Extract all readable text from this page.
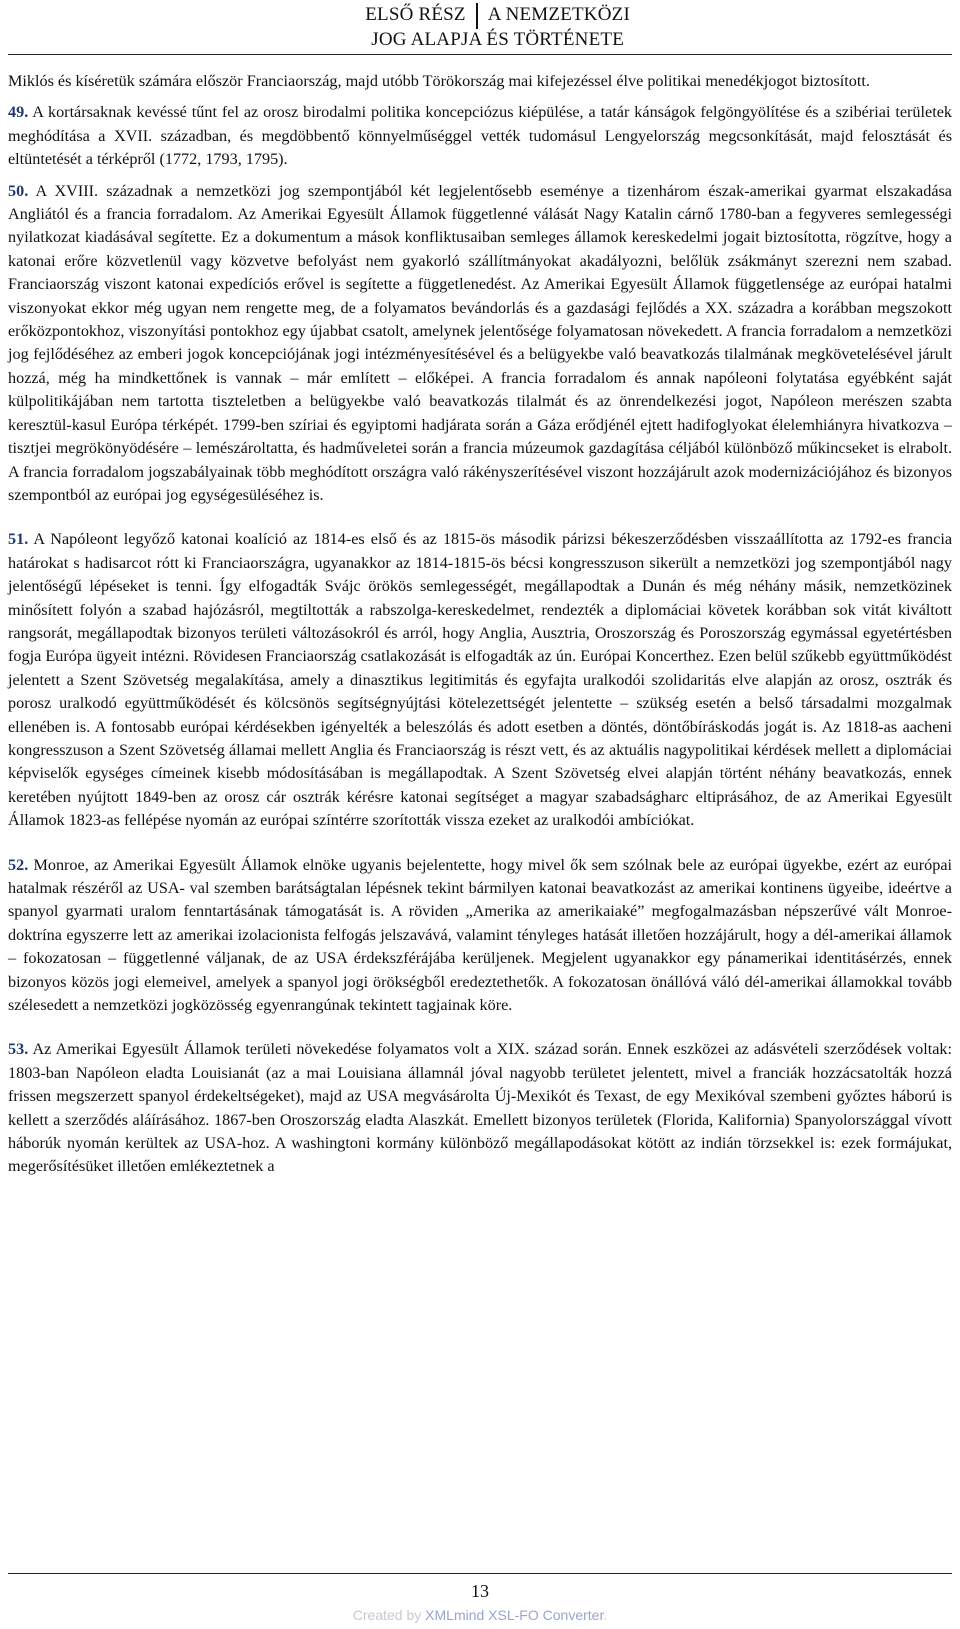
ELSŐ RÉSZ	A NEMZETKÖZI
JOG ALAPJA ÉS TÖRTÉNETE

Miklós és kíséretük számára először Franciaország, majd utóbb Törökország mai kifejezéssel élve politikai menedékjogot biztosított.

49. A kortársaknak kevéssé tűnt fel az orosz birodalmi politika koncepciózus kiépülése, a tatár kánságok felgöngyölítése és a szibériai területek meghódítása a XVII. században, és megdöbbentő könnyelműséggel vették tudomásul Lengyelország megcsonkítását, majd felosztását és eltüntetését a térképről (1772, 1793, 1795).

50. A XVIII. századnak a nemzetközi jog szempontjából két legjelentősebb eseménye a tizenhárom észak-amerikai gyarmat elszakadása Angliától és a francia forradalom. Az Amerikai Egyesült Államok függetlenné válását Nagy Katalin cárnő 1780-ban a fegyveres semlegességi nyilatkozat kiadásával segítette. Ez a dokumentum a mások konfliktusaiban semleges államok kereskedelmi jogait biztosította, rögzítve, hogy a katonai erőre közvetlenül vagy közvetve befolyást nem gyakorló szállítmányokat akadályozni, belőlük zsákmányt szerezni nem szabad. Franciaország viszont katonai expedíciós erővel is segítette a függetlenedést. Az Amerikai Egyesült Államok függetlensége az európai hatalmi viszonyokat ekkor még ugyan nem rengette meg, de a folyamatos bevándorlás és a gazdasági fejlődés a XX. századra a korábban megszokott erőközpontokhoz, viszonyítási pontokhoz egy újabbat csatolt, amelynek jelentősége folyamatosan növekedett. A francia forradalom a nemzetközi jog fejlődéséhez az emberi jogok koncepciójának jogi intézményesítésével és a belügyekbe való beavatkozás tilalmának megkövetelésével járult hozzá, még ha mindkettőnek is vannak – már említett – előképei. A francia forradalom és annak napóleoni folytatása egyébként saját külpolitikájában nem tartotta tiszteletben a belügyekbe való beavatkozás tilalmát és az önrendelkezési jogot, Napóleon merészen szabta keresztül-kasul Európa térképét. 1799-ben szíriai és egyiptomi hadjárata során a Gáza erődjénél ejtett hadifoglyokat élelemhiányra hivatkozva – tisztjei megrökönyödésére – lemészároltatta, és hadműveletei során a francia múzeumok gazdagítása céljából különböző műkincseket is elrabolt. A francia forradalom jogszabályainak több meghódított országra való rákényszerítésével viszont hozzájárult azok modernizációjához és bizonyos szempontból az európai jog egységesüléséhez is.

51. A Napóleont legyőző katonai koalíció az 1814-es első és az 1815-ös második párizsi békeszerződésben visszaállította az 1792-es francia határokat s hadisarcot rótt ki Franciaországra, ugyanakkor az 1814-1815-ös bécsi kongresszuson sikerült a nemzetközi jog szempontjából nagy jelentőségű lépéseket is tenni. Így elfogadták Svájc örökös semlegességét, megállapodtak a Dunán és még néhány másik, nemzetközinek minősített folyón a szabad hajózásról, megtiltották a rabszolga-kereskedelmet, rendezték a diplomáciai követek korábban sok vitát kiváltott rangsorát, megállapodtak bizonyos területi változásokról és arról, hogy Anglia, Ausztria, Oroszország és Poroszország egymással egyetértésben fogja Európa ügyeit intézni. Rövidesen Franciaország csatlakozását is elfogadták az ún. Európai Koncerthez. Ezen belül szűkebb együttműködést jelentett a Szent Szövetség megalakítása, amely a dinasztikus legitimitás és egyfajta uralkodói szolidaritás elve alapján az orosz, osztrák és porosz uralkodó együttműködését és kölcsönös segítségnyújtási kötelezettségét jelentette – szükség esetén a belső társadalmi mozgalmak ellenében is. A fontosabb európai kérdésekben igényelték a beleszólás és adott esetben a döntés, döntőbíráskodás jogát is. Az 1818-as aacheni kongresszuson a Szent Szövetség államai mellett Anglia és Franciaország is részt vett, és az aktuális nagypolitikai kérdések mellett a diplomáciai képviselők egységes címeinek kisebb módosításában is megállapodtak. A Szent Szövetség elvei alapján történt néhány beavatkozás, ennek keretében nyújtott 1849-ben az orosz cár osztrák kérésre katonai segítséget a magyar szabadságharc eltiprásához, de az Amerikai Egyesült Államok 1823-as fellépése nyomán az európai színtérre szorították vissza ezeket az uralkodói ambíciókat.

52. Monroe, az Amerikai Egyesült Államok elnöke ugyanis bejelentette, hogy mivel ők sem szólnak bele az európai ügyekbe, ezért az európai hatalmak részéről az USA- val szemben barátságtalan lépésnek tekint bármilyen katonai beavatkozást az amerikai kontinens ügyeibe, ideértve a spanyol gyarmati uralom fenntartásának támogatását is. A röviden „Amerika az amerikaiaké” megfogalmazásban népszerűvé vált Monroe-doktrína egyszerre lett az amerikai izolacionista felfogás jelszavává, valamint tényleges hatását illetően hozzájárult, hogy a dél-amerikai államok – fokozatosan – függetlenné váljanak, de az USA érdekszférájába kerüljenek. Megjelent ugyanakkor egy pánamerikai identitásérzés, ennek bizonyos közös jogi elemeivel, amelyek a spanyol jogi örökségből eredeztethetők. A fokozatosan önállóvá váló dél-amerikai államokkal tovább szélesedett a nemzetközi jogközösség egyenrangúnak tekintett tagjainak köre.

53. Az Amerikai Egyesült Államok területi növekedése folyamatos volt a XIX. század során. Ennek eszközei az adásvételi szerződések voltak: 1803-ban Napóleon eladta Louisianát (az a mai Louisiana államnál jóval nagyobb területet jelentett, mivel a franciák hozzácsatolták hozzá frissen megszerzett spanyol érdekeltségeket), majd az USA megvásárolta Új-Mexikót és Texast, de egy Mexikóval szembeni győztes háború is kellett a szerződés aláírásához. 1867-ben Oroszország eladta Alaszkát. Emellett bizonyos területek (Florida, Kalifornia) Spanyolországgal vívott háborúk nyomán kerültek az USA-hoz. A washingtoni kormány különböző megállapodásokat kötött az indián törzsekkel is: ezek formájukat, megerősítésüket illetően emlékeztetnek a

13
Created by XMLmind XSL-FO Converter.
